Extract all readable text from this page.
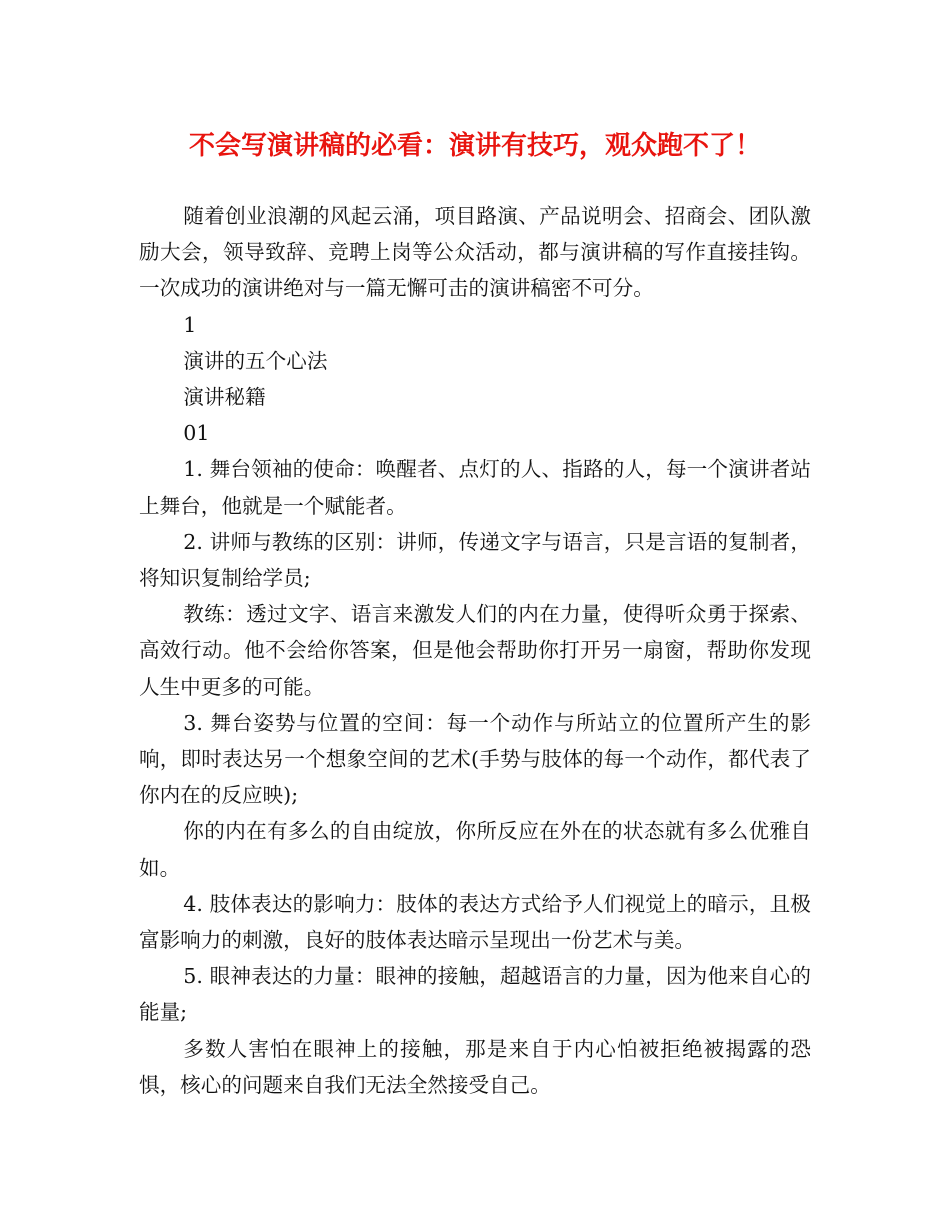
不会写演讲稿的必看：演讲有技巧，观众跑不了！

随着创业浪潮的风起云涌，项目路演、产品说明会、招商会、团队激励大会，领导致辞、竞聘上岗等公众活动，都与演讲稿的写作直接挂钩。一次成功的演讲绝对与一篇无懈可击的演讲稿密不可分。

1

演讲的五个心法

演讲秘籍

01

1. 舞台领袖的使命：唤醒者、点灯的人、指路的人，每一个演讲者站上舞台，他就是一个赋能者。

2. 讲师与教练的区别：讲师，传递文字与语言，只是言语的复制者，将知识复制给学员;

教练：透过文字、语言来激发人们的内在力量，使得听众勇于探索、高效行动。他不会给你答案，但是他会帮助你打开另一扇窗，帮助你发现人生中更多的可能。

3. 舞台姿势与位置的空间：每一个动作与所站立的位置所产生的影响，即时表达另一个想象空间的艺术(手势与肢体的每一个动作，都代表了你内在的反应映);

你的内在有多么的自由绽放，你所反应在外在的状态就有多么优雅自如。

4. 肢体表达的影响力：肢体的表达方式给予人们视觉上的暗示，且极富影响力的刺激，良好的肢体表达暗示呈现出一份艺术与美。

5. 眼神表达的力量：眼神的接触，超越语言的力量，因为他来自心的能量;

多数人害怕在眼神上的接触，那是来自于内心怕被拒绝被揭露的恐惧，核心的问题来自我们无法全然接受自己。
